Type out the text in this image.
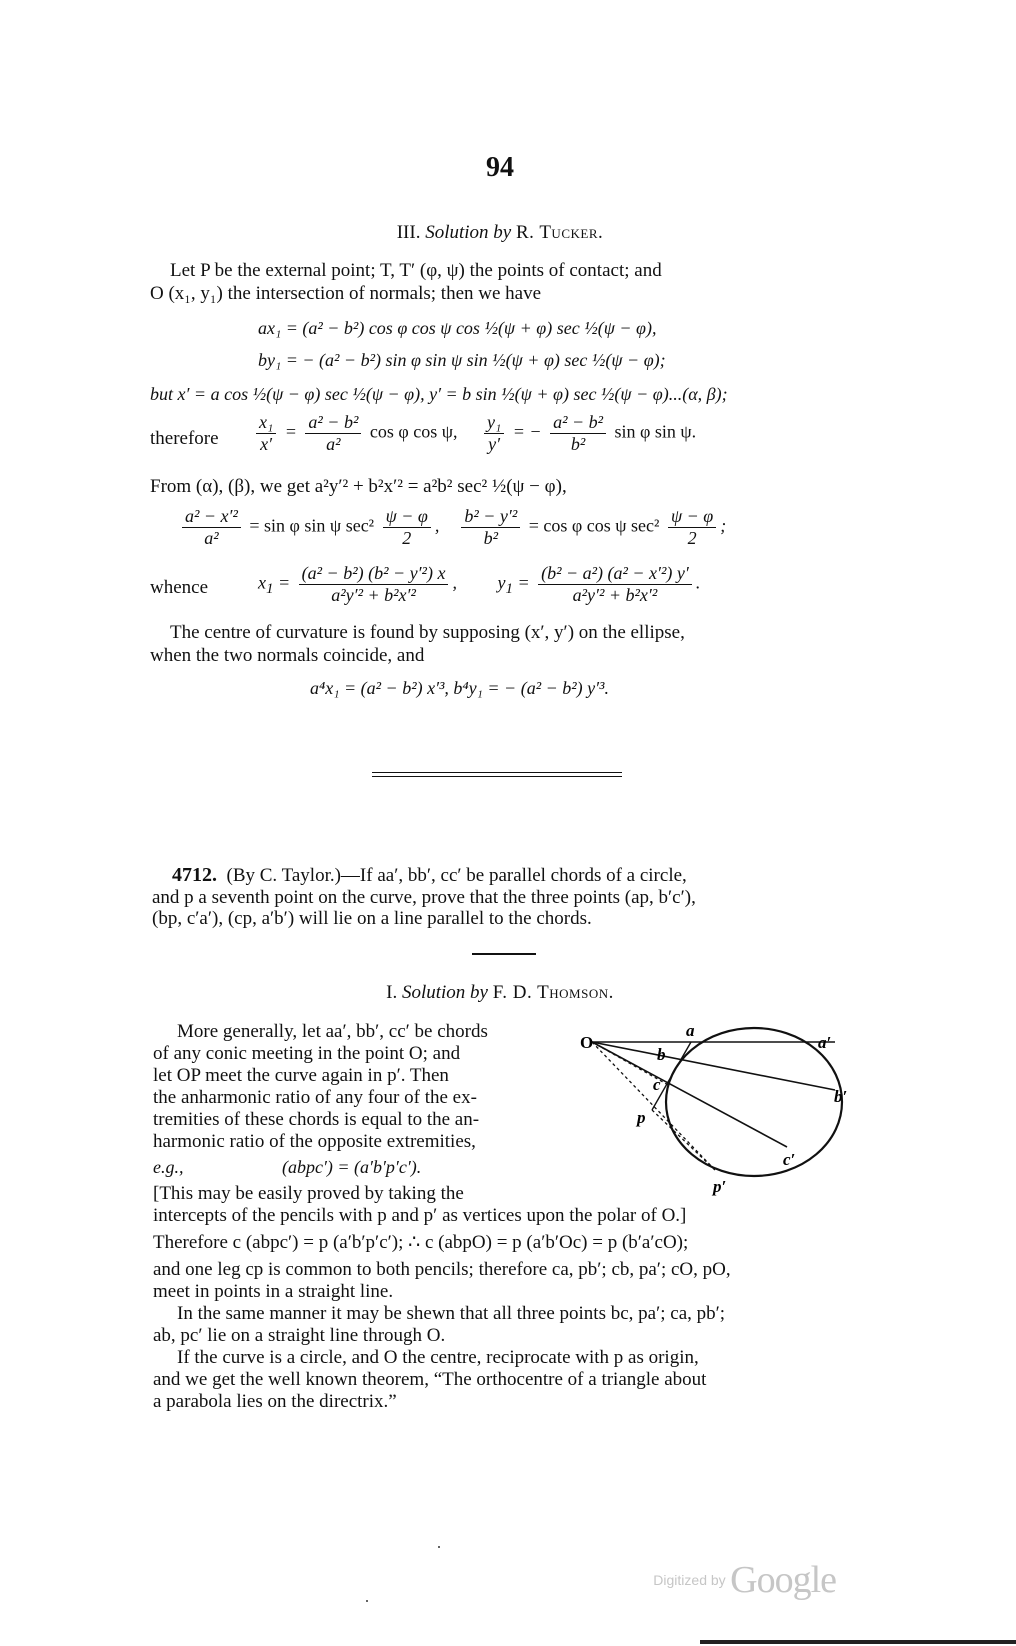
94
III. Solution by R. Tucker.
Let P be the external point; T, T′ (φ, ψ) the points of contact; and
O (x₁, y₁) the intersection of normals; then we have
ax₁ = (a² − b²) cos φ cos ψ cos ½(ψ + φ) sec ½(ψ − φ),
by₁ = − (a² − b²) sin φ sin ψ sin ½(ψ + φ) sec ½(ψ − φ);
but x′ = a cos ½(ψ − φ) sec ½(ψ − φ), y′ = b sin ½(ψ + φ) sec ½(ψ − φ)...(α, β);
therefore $\frac{\text{x₁}}{x'} = \frac{\text{a² − b²}}{\text{a²}}$ cos φ cos ψ, $\frac{\text{y₁}}{y'}$ = − $\frac{\text{a² − b²}}{\text{b²}}$ sin φ sin ψ.
From (α), (β), we get a²y′² + b²x′² = a²b² sec² ½(ψ − φ),
$\frac{\text{a² − x′²}}{\text{a²}} = \sin \varphi$ sin ψ $\sec^2 \frac{\psi - \varphi}{2}$ , $\frac{\text{b² − y′²}}{\text{b²}} = \cos \varphi$ cos ψ $\sec^2 \frac{\psi - \varphi}{2}$ ;
whence	$x_1 = \frac{\text{(a² − b²) (b² − y′²) x}}{\text{a²y′² + b²x′²}}$ ,         $y_1 = \frac{\text{(b² − a²) (a² − x′²) y′}}{\text{a²y′² + b²x′²}}$ .
The centre of curvature is found by supposing (x′, y′) on the ellipse,
when the two normals coincide, and
a⁴x₁ = (a² − b²) x′³, b⁴y₁ = − (a² − b²) y′³.
4712. (By C. Taylor.)—If aa′, bb′, cc′ be parallel chords of a circle,
and p a seventh point on the curve, prove that the three points (ap, b′c′),
(bp, c′a′), (cp, a′b′) will lie on a line parallel to the chords.
I. Solution by F. D. Thomson.
More generally, let aa′, bb′, cc′ be chords
of any conic meeting in the point O; and
let OP meet the curve again in p′. Then
the anharmonic ratio of any four of the ex-
tremities of these chords is equal to the an-
harmonic ratio of the opposite extremities,
e.g.,	(abpc′) = (a′b′p′c′).
[This may be easily proved by taking the
intercepts of the pencils with p and p′ as vertices upon the polar of O.]
Therefore c (abpc′) = p (a′b′p′c′); ∴ c (abpO) = p (a′b′Oc) = p (b′a′cO);
and one leg cp is common to both pencils; therefore ca, pb′; cb, pa′; cO, pO,
meet in points in a straight line.
In the same manner it may be shewn that all three points bc, pa′; ca, pb′;
ab, pc′ lie on a straight line through O.
If the curve is a circle, and O the centre, reciprocate with p as origin,
and we get the well known theorem, “The orthocentre of a triangle about
a parabola lies on the directrix.”
O
a
a′
b
b′
c
c′
p
p′
Digitized by Google
